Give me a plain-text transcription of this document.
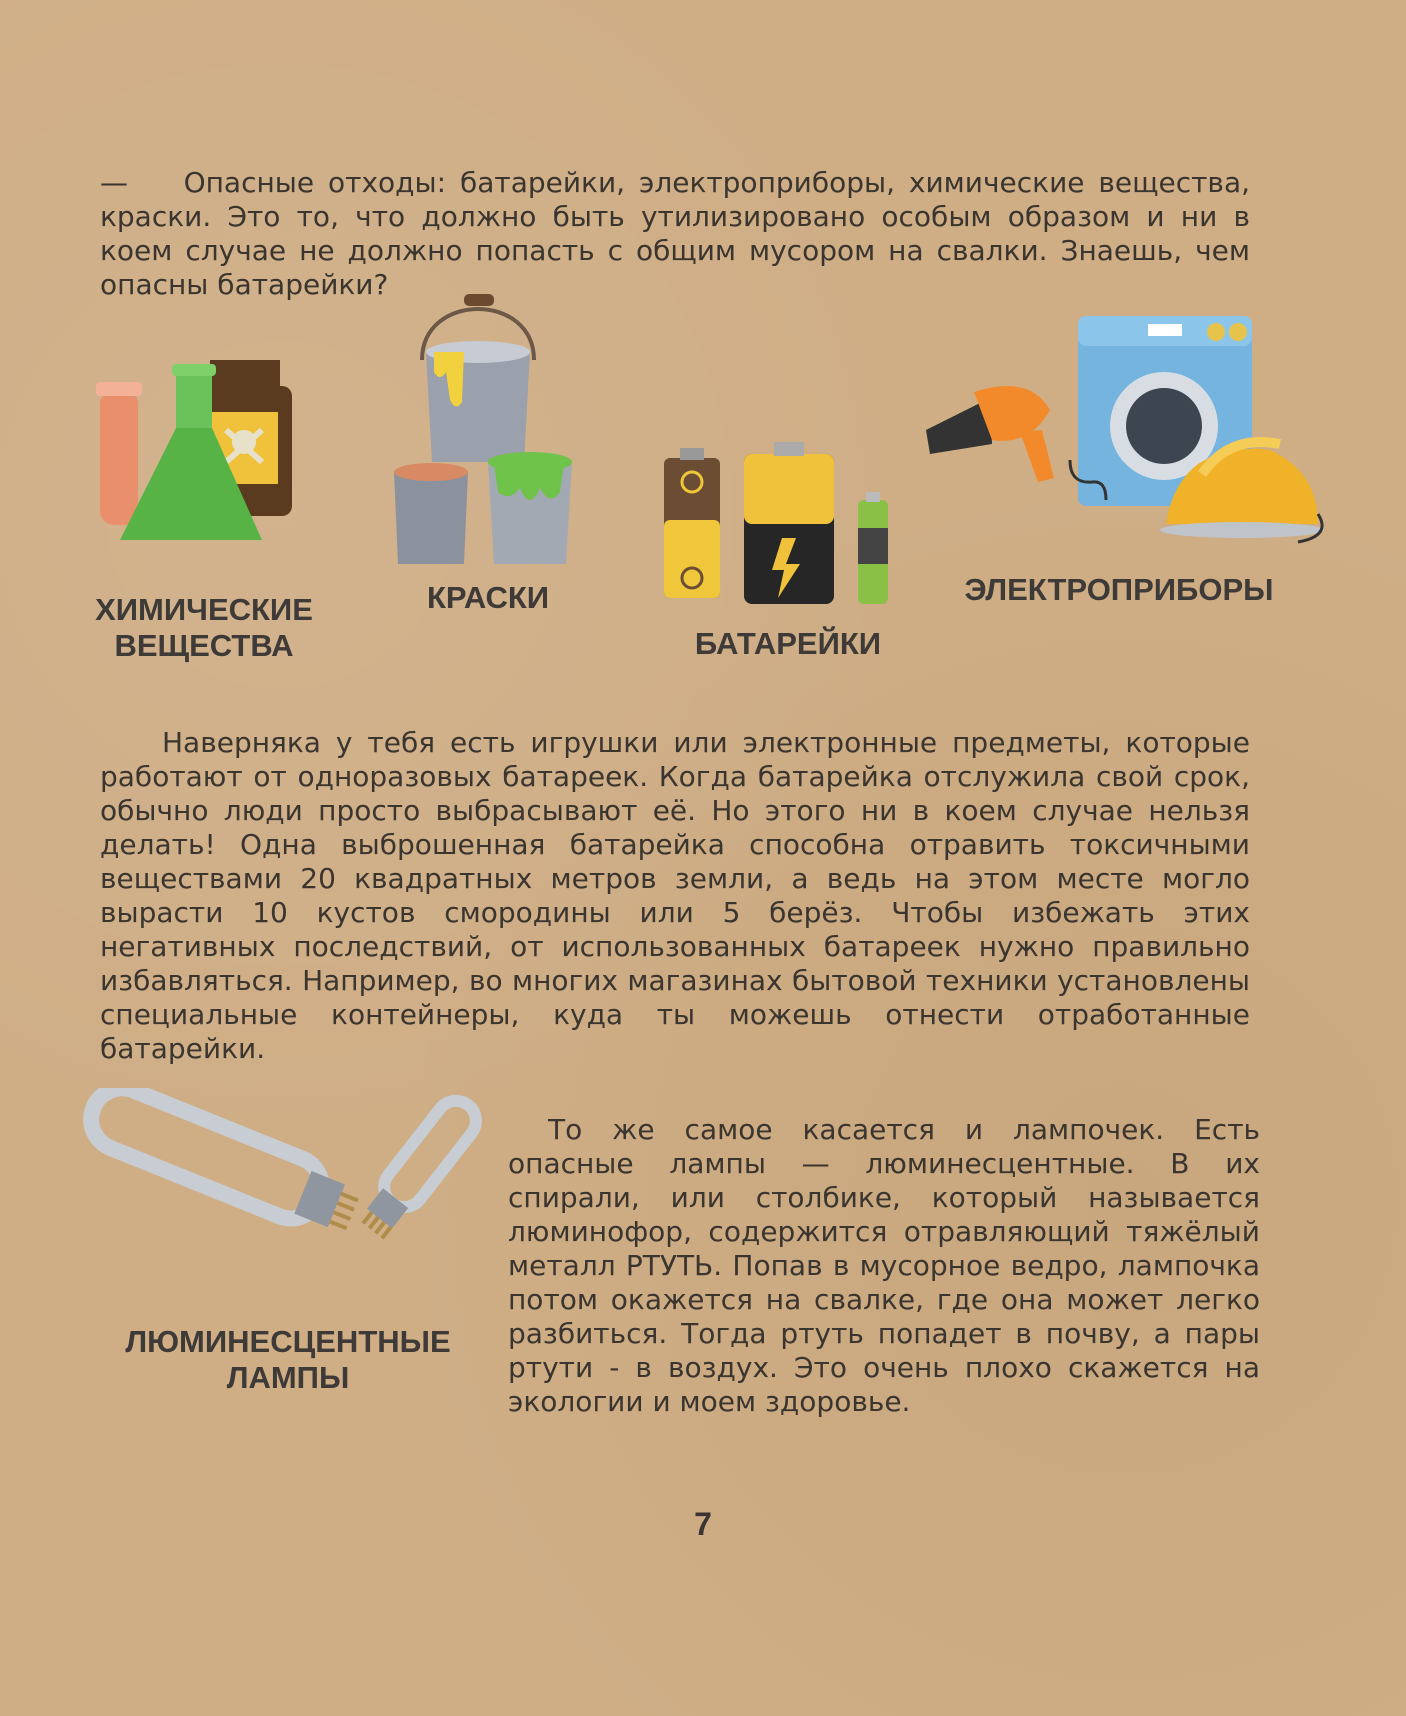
—    Опасные отходы: батарейки, электроприборы, химические вещества, краски. Это то, что должно быть утилизировано особым образом и ни в коем случае не должно попасть с общим мусором на свалки. Знаешь, чем опасны батарейки?

ХИМИЧЕСКИЕ
ВЕЩЕСТВА
КРАСКИ
БАТАРЕЙКИ
ЭЛЕКТРОПРИБОРЫ

Наверняка у тебя есть игрушки или электронные предметы, которые работают от одноразовых батареек. Когда батарейка отслужила свой срок, обычно люди просто выбрасывают её. Но этого ни в коем случае нельзя делать! Одна выброшенная батарейка способна отравить токсичными веществами 20 квадратных метров земли, а ведь на этом месте могло вырасти 10 кустов смородины или 5 берёз. Чтобы избежать этих негативных последствий, от использованных батареек нужно правильно избавляться. Например, во многих магазинах бытовой техники установлены специальные контейнеры, куда ты можешь отнести отработанные батарейки.

ЛЮМИНЕСЦЕНТНЫЕ
ЛАМПЫ

То же самое касается и лампочек. Есть опасные лампы — люминесцентные. В их спирали, или столбике, который называется люминофор, содержится отравляющий тяжёлый металл РТУТЬ. Попав в мусорное ведро, лампочка потом окажется на свалке, где она может легко разбиться. Тогда ртуть попадет в почву, а пары ртути - в воздух. Это очень плохо скажется на экологии и моем здоровье.

7
